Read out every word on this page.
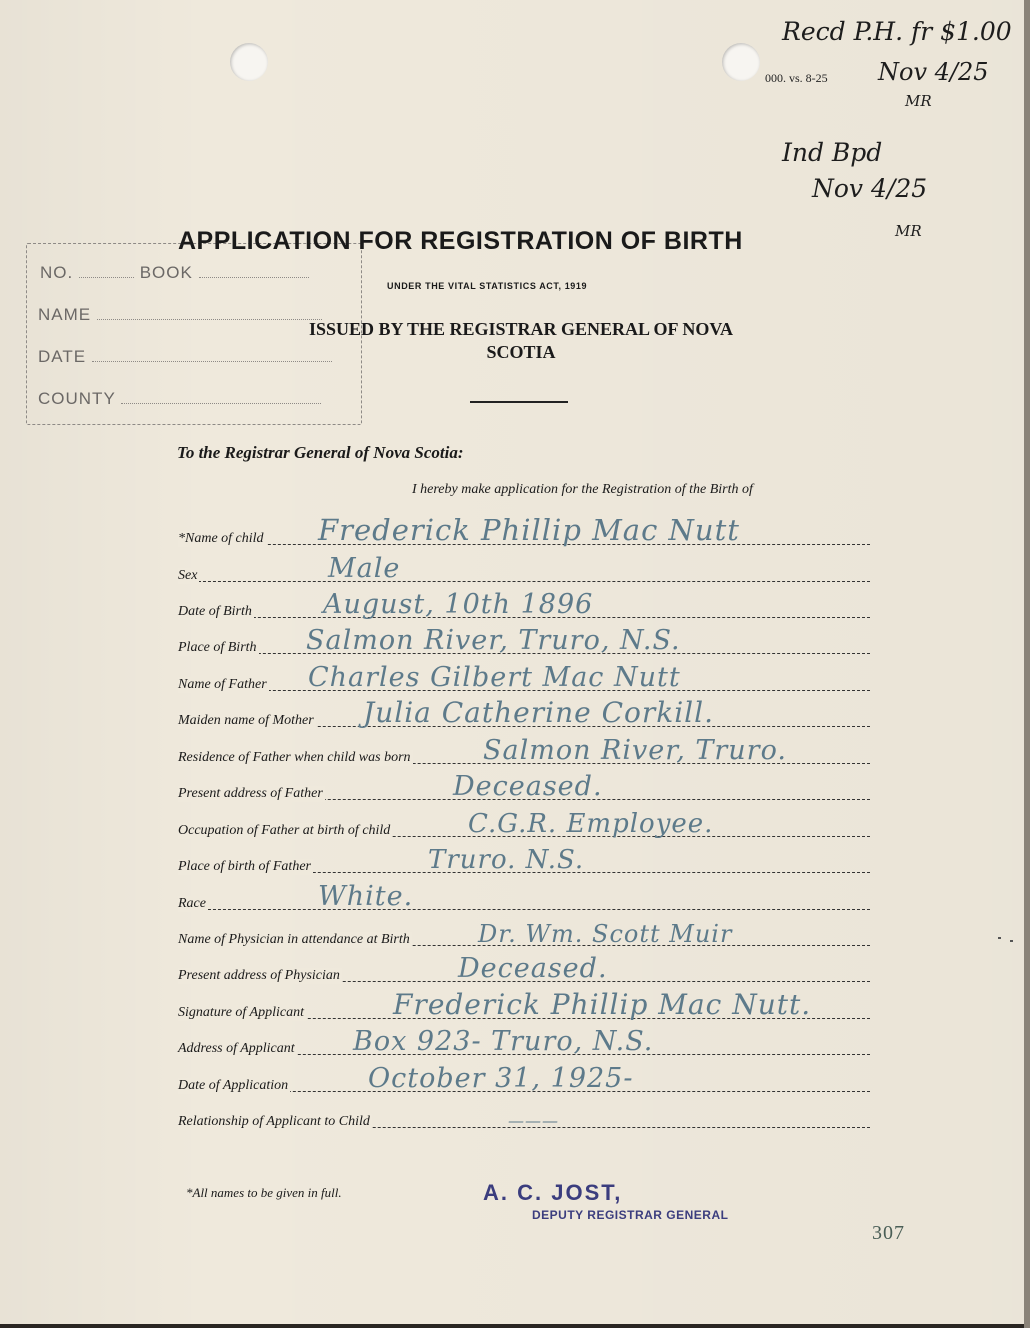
000. vs. 8-25
Recd P.H. fr $1.00
Nov 4/25
MR
Ind Bpd
Nov 4/25
MR
NO.	BOOK
NAME
DATE
COUNTY
APPLICATION FOR REGISTRATION OF BIRTH
UNDER THE VITAL STATISTICS ACT, 1919
ISSUED BY THE REGISTRAR GENERAL OF NOVA SCOTIA
To the Registrar General of Nova Scotia:
I hereby make application for the Registration of the Birth of
*Name of child Frederick Phillip Mac Nutt
Sex	Male
Date of Birth	August, 10th 1896
Place of Birth Salmon River, Truro, N.S.
Name of Father Charles Gilbert Mac Nutt
Maiden name of Mother Julia Catherine Corkill.
Residence of Father when child was born	Salmon River, Truro.
Present address of Father	Deceased.
Occupation of Father at birth of child	C.G.R. Employee.
Place of birth of Father	Truro. N.S.
Race	White.
Name of Physician in attendance at Birth	Dr. Wm. Scott Muir
Present address of Physician	Deceased.
Signature of Applicant	Frederick Phillip Mac Nutt.
Address of Applicant Box 923- Truro, N.S.
Date of Application	October 31, 1925-
Relationship of Applicant to Child	———
*All names to be given in full.	A. C. JOST,
DEPUTY REGISTRAR GENERAL
307
